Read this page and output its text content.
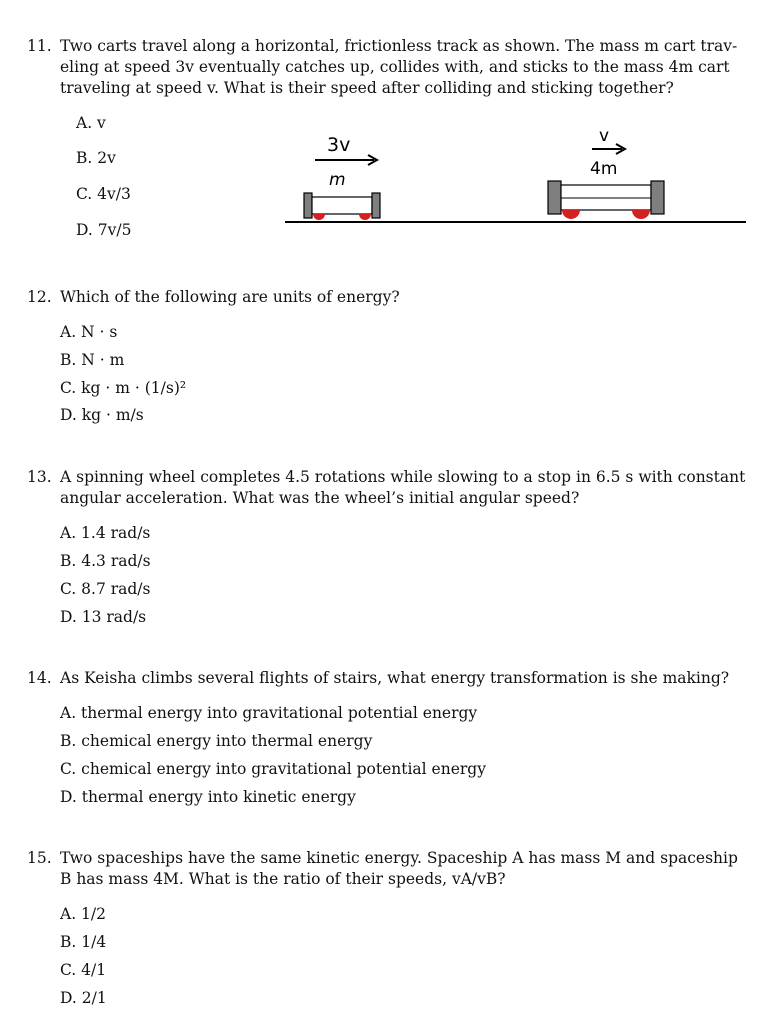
11. Two carts travel along a horizontal, frictionless track as shown. The mass m cart trav-
eling at speed 3v eventually catches up, collides with, and sticks to the mass 4m cart
traveling at speed v. What is their speed after colliding and sticking together?
A. v
B. 2v
C. 4v/3
D. 7v/5
3v
m
v
4m
12. Which of the following are units of energy?
A. N · s
B. N · m
C. kg · m · (1/s)²
D. kg · m/s
13. A spinning wheel completes 4.5 rotations while slowing to a stop in 6.5 s with constant
angular acceleration. What was the wheel’s initial angular speed?
A. 1.4 rad/s
B. 4.3 rad/s
C. 8.7 rad/s
D. 13 rad/s
14. As Keisha climbs several flights of stairs, what energy transformation is she making?
A. thermal energy into gravitational potential energy
B. chemical energy into thermal energy
C. chemical energy into gravitational potential energy
D. thermal energy into kinetic energy
15. Two spaceships have the same kinetic energy. Spaceship A has mass M and spaceship
B has mass 4M. What is the ratio of their speeds, vA/vB?
A. 1/2
B. 1/4
C. 4/1
D. 2/1
